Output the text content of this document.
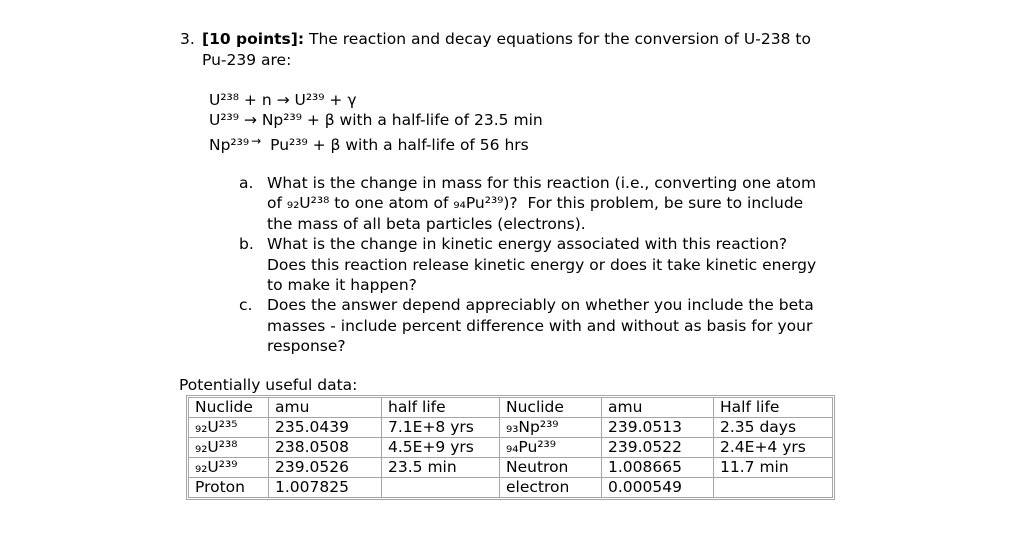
3. [10 points]: The reaction and decay equations for the conversion of U-238 to
Pu-239 are:
U²³⁸ + n → U²³⁹ + γ
U²³⁹ → Np²³⁹ + β with a half-life of 23.5 min
Np²³⁹ → Pu²³⁹ + β with a half-life of 56 hrs
a. What is the change in mass for this reaction (i.e., converting one atom
of ₉₂U²³⁸ to one atom of ₉₄Pu²³⁹)?  For this problem, be sure to include
the mass of all beta particles (electrons).
b. What is the change in kinetic energy associated with this reaction?
Does this reaction release kinetic energy or does it take kinetic energy
to make it happen?
c. Does the answer depend appreciably on whether you include the beta
masses - include percent difference with and without as basis for your
response?
Potentially useful data:
Nuclide	amu	half life	Nuclide	amu	Half life
₉₂U²³⁵	235.0439	7.1E+8 yrs	₉₃Np²³⁹	239.0513	2.35 days
₉₂U²³⁸	238.0508	4.5E+9 yrs	₉₄Pu²³⁹	239.0522	2.4E+4 yrs
₉₂U²³⁹	239.0526	23.5 min	Neutron	1.008665	11.7 min
Proton	1.007825		electron	0.000549	
